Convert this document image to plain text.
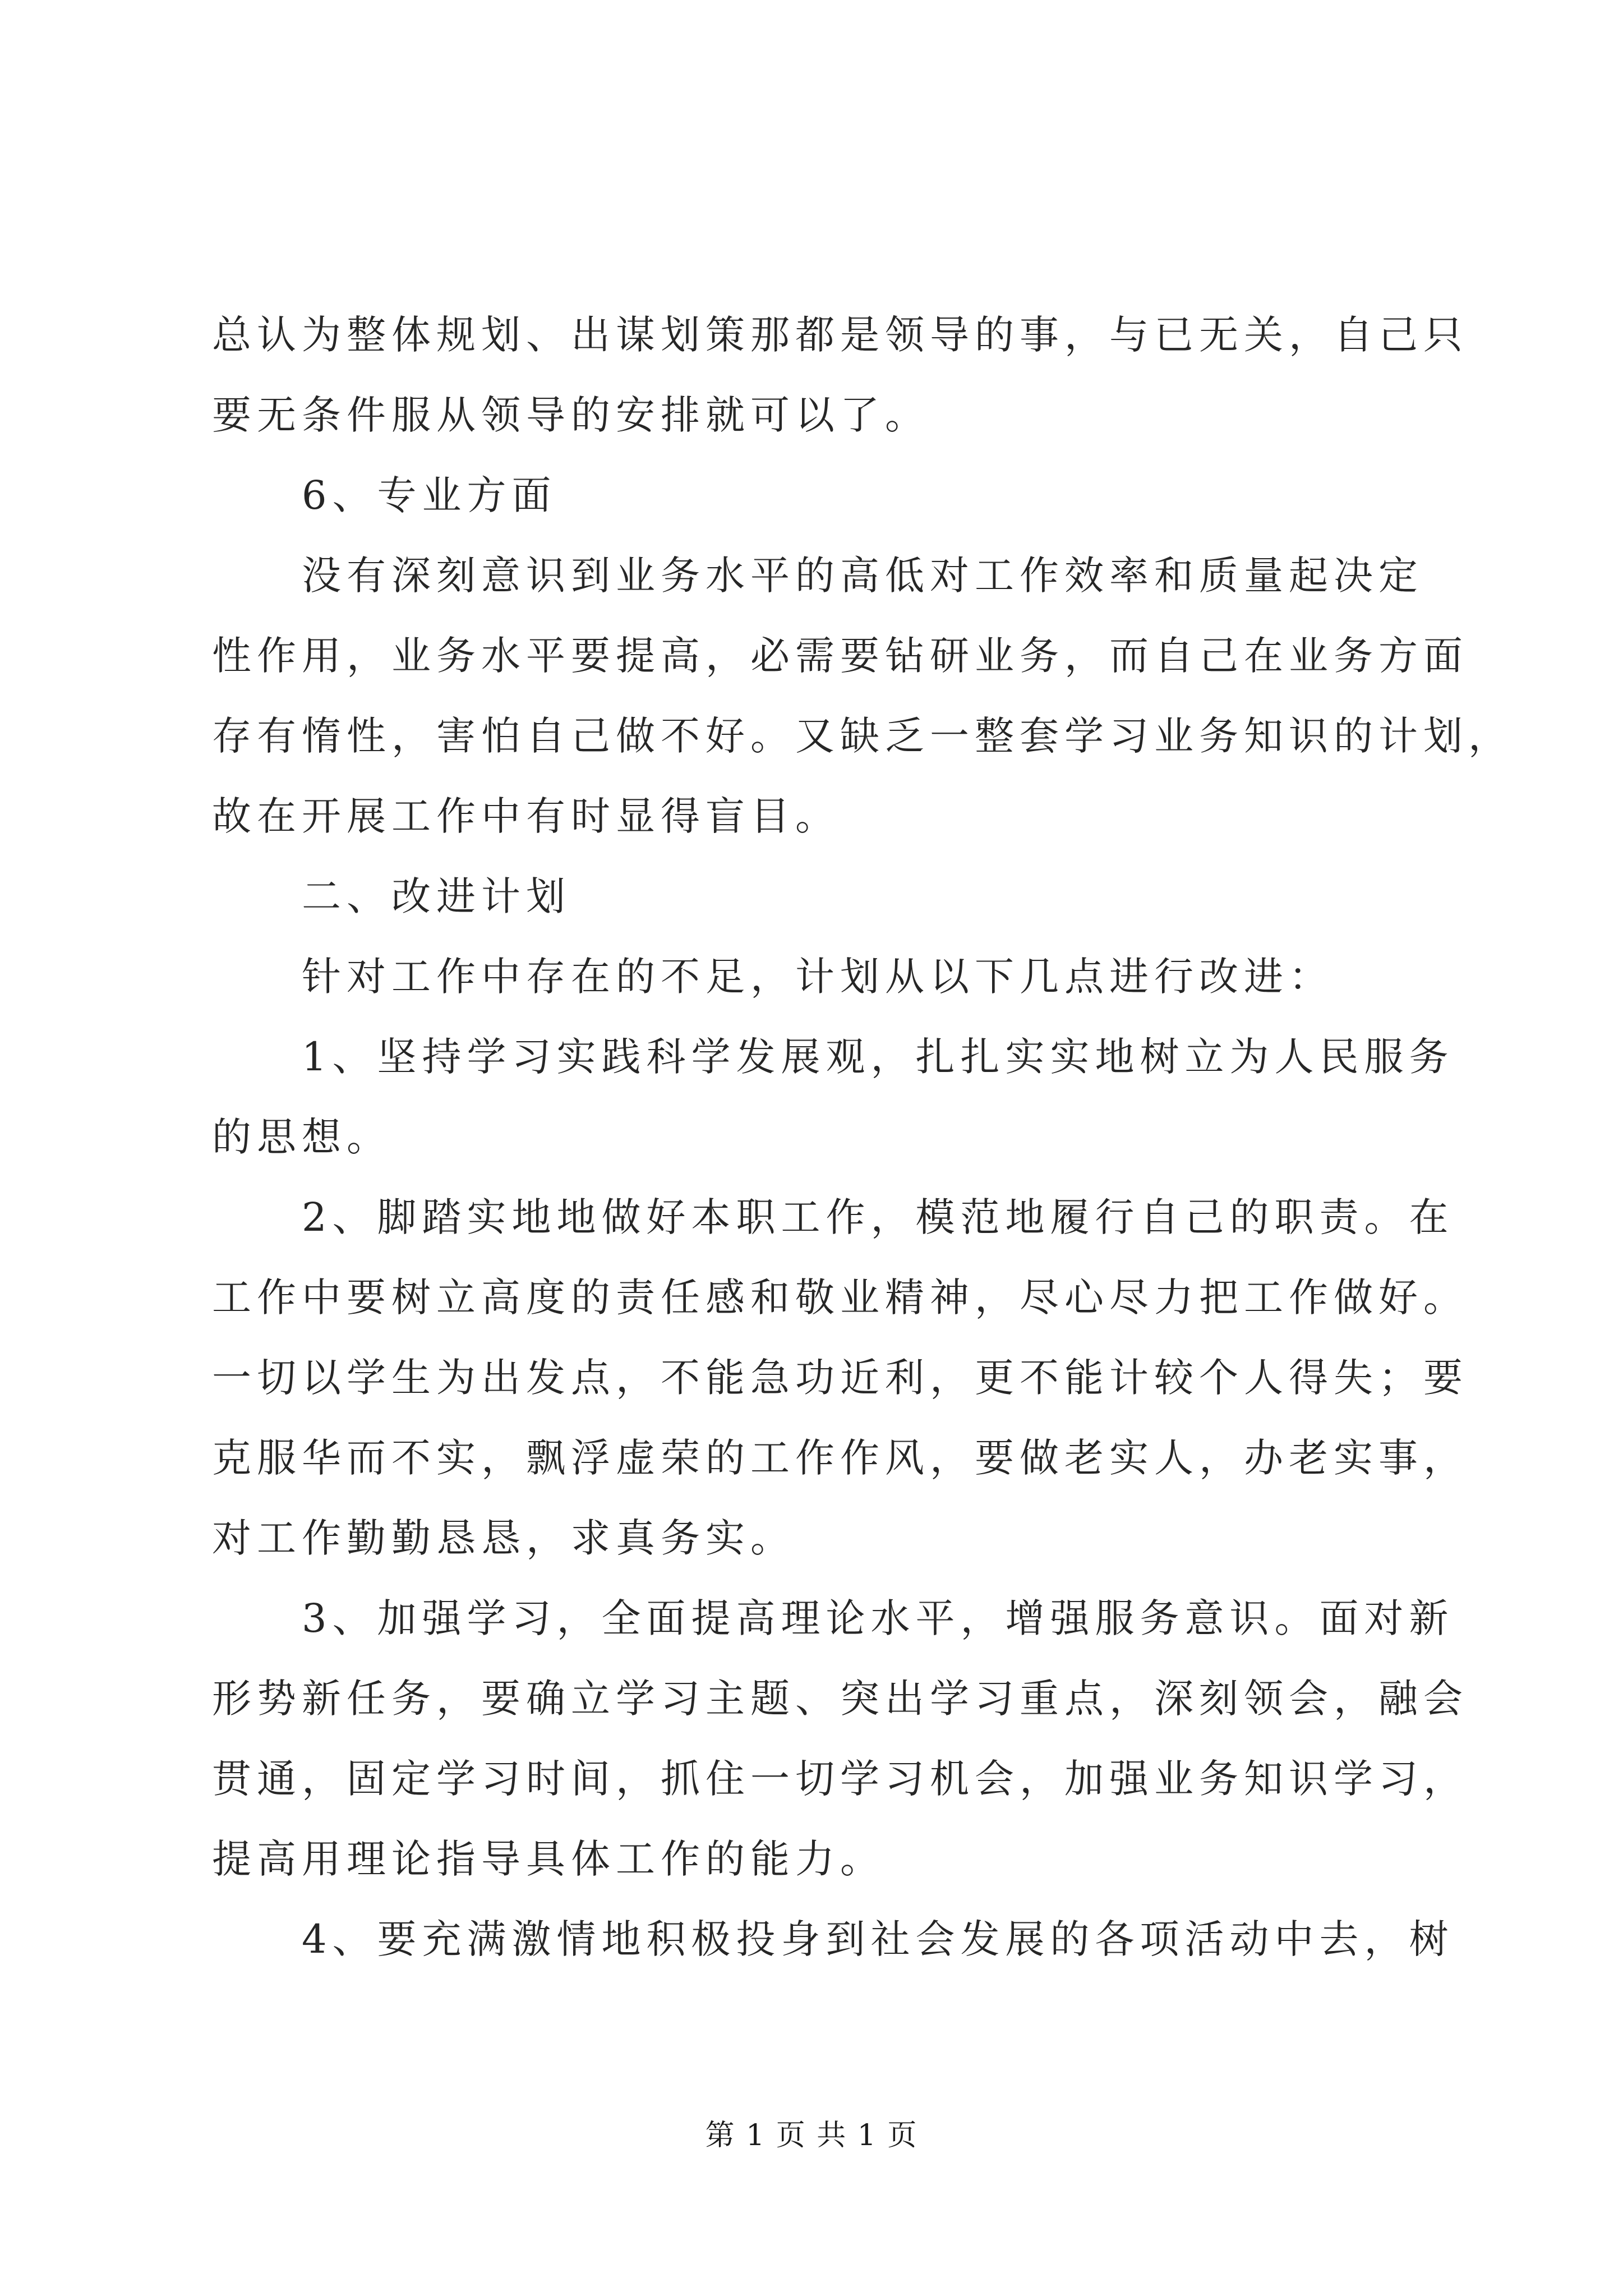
总认为整体规划、出谋划策那都是领导的事，与已无关，自己只
要无条件服从领导的安排就可以了。
6、专业方面
没有深刻意识到业务水平的高低对工作效率和质量起决定
性作用，业务水平要提高，必需要钻研业务，而自己在业务方面
存有惰性，害怕自己做不好。又缺乏一整套学习业务知识的计划，
故在开展工作中有时显得盲目。
二、改进计划
针对工作中存在的不足，计划从以下几点进行改进：
1、坚持学习实践科学发展观，扎扎实实地树立为人民服务
的思想。
2、脚踏实地地做好本职工作，模范地履行自己的职责。在
工作中要树立高度的责任感和敬业精神，尽心尽力把工作做好。
一切以学生为出发点，不能急功近利，更不能计较个人得失；要
克服华而不实，飘浮虚荣的工作作风，要做老实人，办老实事，
对工作勤勤恳恳，求真务实。
3、加强学习，全面提高理论水平，增强服务意识。面对新
形势新任务，要确立学习主题、突出学习重点，深刻领会，融会
贯通，固定学习时间，抓住一切学习机会，加强业务知识学习，
提高用理论指导具体工作的能力。
4、要充满激情地积极投身到社会发展的各项活动中去，树
第 1 页 共 1 页
